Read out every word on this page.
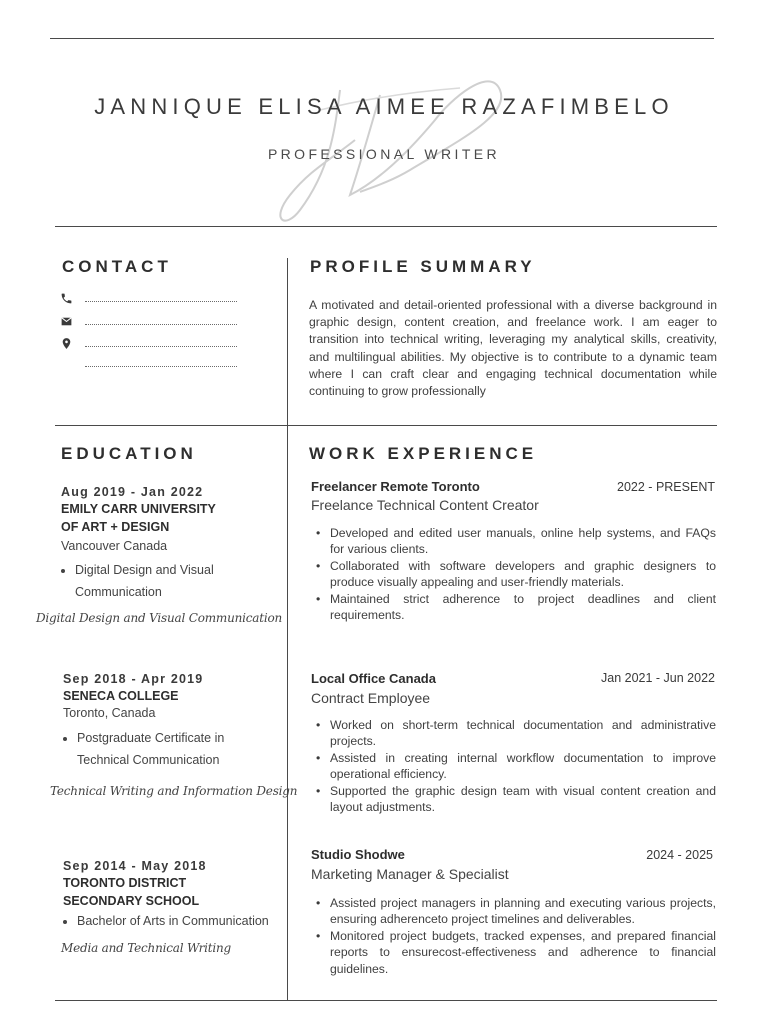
JANNIQUE ELISA AIMEE RAZAFIMBELO
PROFESSIONAL WRITER
CONTACT	PROFILE SUMMARY
A motivated and detail-oriented professional with a diverse background in graphic design, content creation, and freelance work. I am eager to transition into technical writing, leveraging my analytical skills, creativity, and multilingual abilities. My objective is to contribute to a dynamic team where I can craft clear and engaging technical documentation while continuing to grow professionally
EDUCATION
Aug 2019 - Jan 2022
EMILY CARR UNIVERSITY
OF ART + DESIGN
Vancouver Canada
• Digital Design and Visual
Communication
Digital Design and Visual Communication
Sep 2018 - Apr 2019
SENECA COLLEGE
Toronto, Canada
• Postgraduate Certificate in
Technical Communication
Technical Writing and Information Design
Sep 2014 - May 2018
TORONTO DISTRICT
SECONDARY SCHOOL
• Bachelor of Arts in Communication
Media and Technical Writing
WORK EXPERIENCE
Freelancer Remote Toronto	2022 - PRESENT
Freelance Technical Content Creator
• Developed and edited user manuals, online help systems, and FAQs for various clients.
• Collaborated with software developers and graphic designers to produce visually appealing and user-friendly materials.
• Maintained strict adherence to project deadlines and client requirements.
Local Office Canada	Jan 2021 - Jun 2022
Contract Employee
• Worked on short-term technical documentation and administrative projects.
• Assisted in creating internal workflow documentation to improve operational efficiency.
• Supported the graphic design team with visual content creation and layout adjustments.
Studio Shodwe	2024 - 2025
Marketing Manager & Specialist
• Assisted project managers in planning and executing various projects, ensuring adherenceto project timelines and deliverables.
• Monitored project budgets, tracked expenses, and prepared financial reports to ensurecost-effectiveness and adherence to financial guidelines.
